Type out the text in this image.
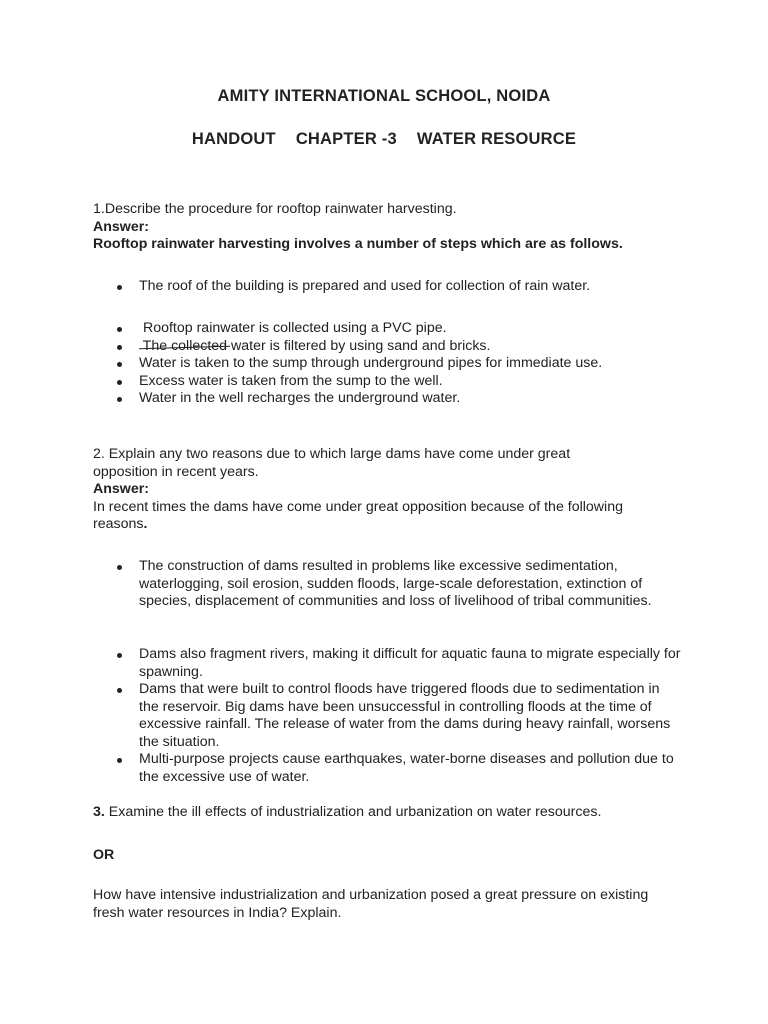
AMITY INTERNATIONAL SCHOOL, NOIDA
HANDOUT CHAPTER -3 WATER RESOURCE
1.Describe the procedure for rooftop rainwater harvesting.
Answer:
Rooftop rainwater harvesting involves a number of steps which are as follows.
The roof of the building is prepared and used for collection of rain water.
Rooftop rainwater is collected using a PVC pipe.
The collected water is filtered by using sand and bricks.
Water is taken to the sump through underground pipes for immediate use.
Excess water is taken from the sump to the well.
Water in the well recharges the underground water.
2. Explain any two reasons due to which large dams have come under great opposition in recent years.
Answer:
In recent times the dams have come under great opposition because of the following reasons.
The construction of dams resulted in problems like excessive sedimentation, waterlogging, soil erosion, sudden floods, large-scale deforestation, extinction of species, displacement of communities and loss of livelihood of tribal communities.
Dams also fragment rivers, making it difficult for aquatic fauna to migrate especially for spawning.
Dams that were built to control floods have triggered floods due to sedimentation in the reservoir. Big dams have been unsuccessful in controlling floods at the time of excessive rainfall. The release of water from the dams during heavy rainfall, worsens the situation.
Multi-purpose projects cause earthquakes, water-borne diseases and pollution due to the excessive use of water.
3. Examine the ill effects of industrialization and urbanization on water resources.
OR
How have intensive industrialization and urbanization posed a great pressure on existing fresh water resources in India? Explain.
